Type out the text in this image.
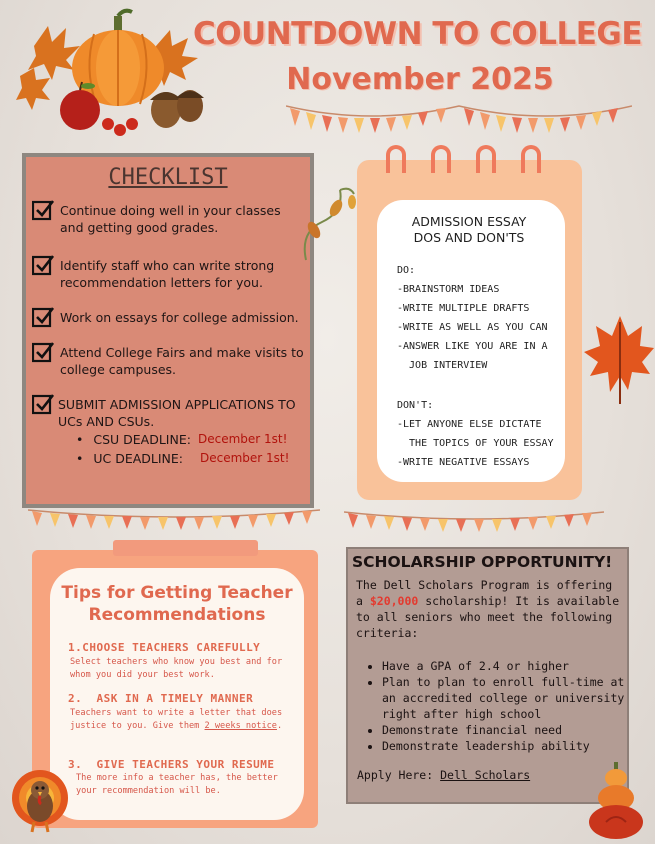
COUNTDOWN TO COLLEGE
November 2025
CHECKLIST
Continue doing well in your classes and getting good grades.
Identify staff who can write strong recommendation letters for you.
Work on essays for college admission.
Attend College Fairs and make visits to college campuses.
SUBMIT ADMISSION APPLICATIONS TO UCs AND CSUs.
• CSU DEADLINE: December 1st!
• UC DEADLINE: December 1st!
ADMISSION ESSAY
DOS AND DON'TS
DO:
-BRAINSTORM IDEAS
-WRITE MULTIPLE DRAFTS
-WRITE AS WELL AS YOU CAN
-ANSWER LIKE YOU ARE IN A
JOB INTERVIEW
DON'T:
-LET ANYONE ELSE DICTATE
THE TOPICS OF YOUR ESSAY
-WRITE NEGATIVE ESSAYS
Tips for Getting Teacher Recommendations
1.CHOOSE TEACHERS CAREFULLY
Select teachers who know you best and for whom you did your best work.
2.  ASK IN A TIMELY MANNER
Teachers want to write a letter that does justice to you. Give them 2 weeks notice.
3.  GIVE TEACHERS YOUR RESUME
The more info a teacher has, the better your recommendation will be.
SCHOLARSHIP OPPORTUNITY!
The Dell Scholars Program is offering a $20,000 scholarship! It is available to all seniors who meet the following criteria:
• Have a GPA of 2.4 or higher
• Plan to plan to enroll full-time at an accredited college or university right after high school
• Demonstrate financial need
• Demonstrate leadership ability
Apply Here: Dell Scholars
